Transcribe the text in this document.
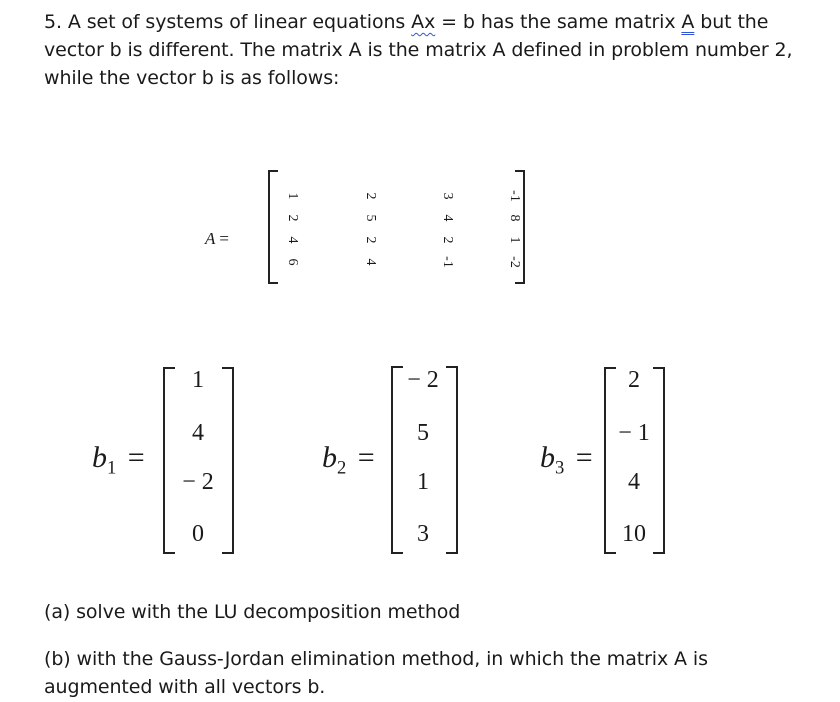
5. A set of systems of linear equations Ax = b has the same matrix A but the
vector b is different. The matrix A is the matrix A defined in problem number 2,
while the vector b is as follows:
A =
1	2	3	-1
2	5	4	8
4	2	2	1
6	4	-1	-2
$b_1$ =
1
4
− 2
0
$b_2$ =
− 2
5
1
3
$b_3$ =
2
− 1
4
10
(a) solve with the LU decomposition method
(b) with the Gauss-Jordan elimination method, in which the matrix A is
augmented with all vectors b.
